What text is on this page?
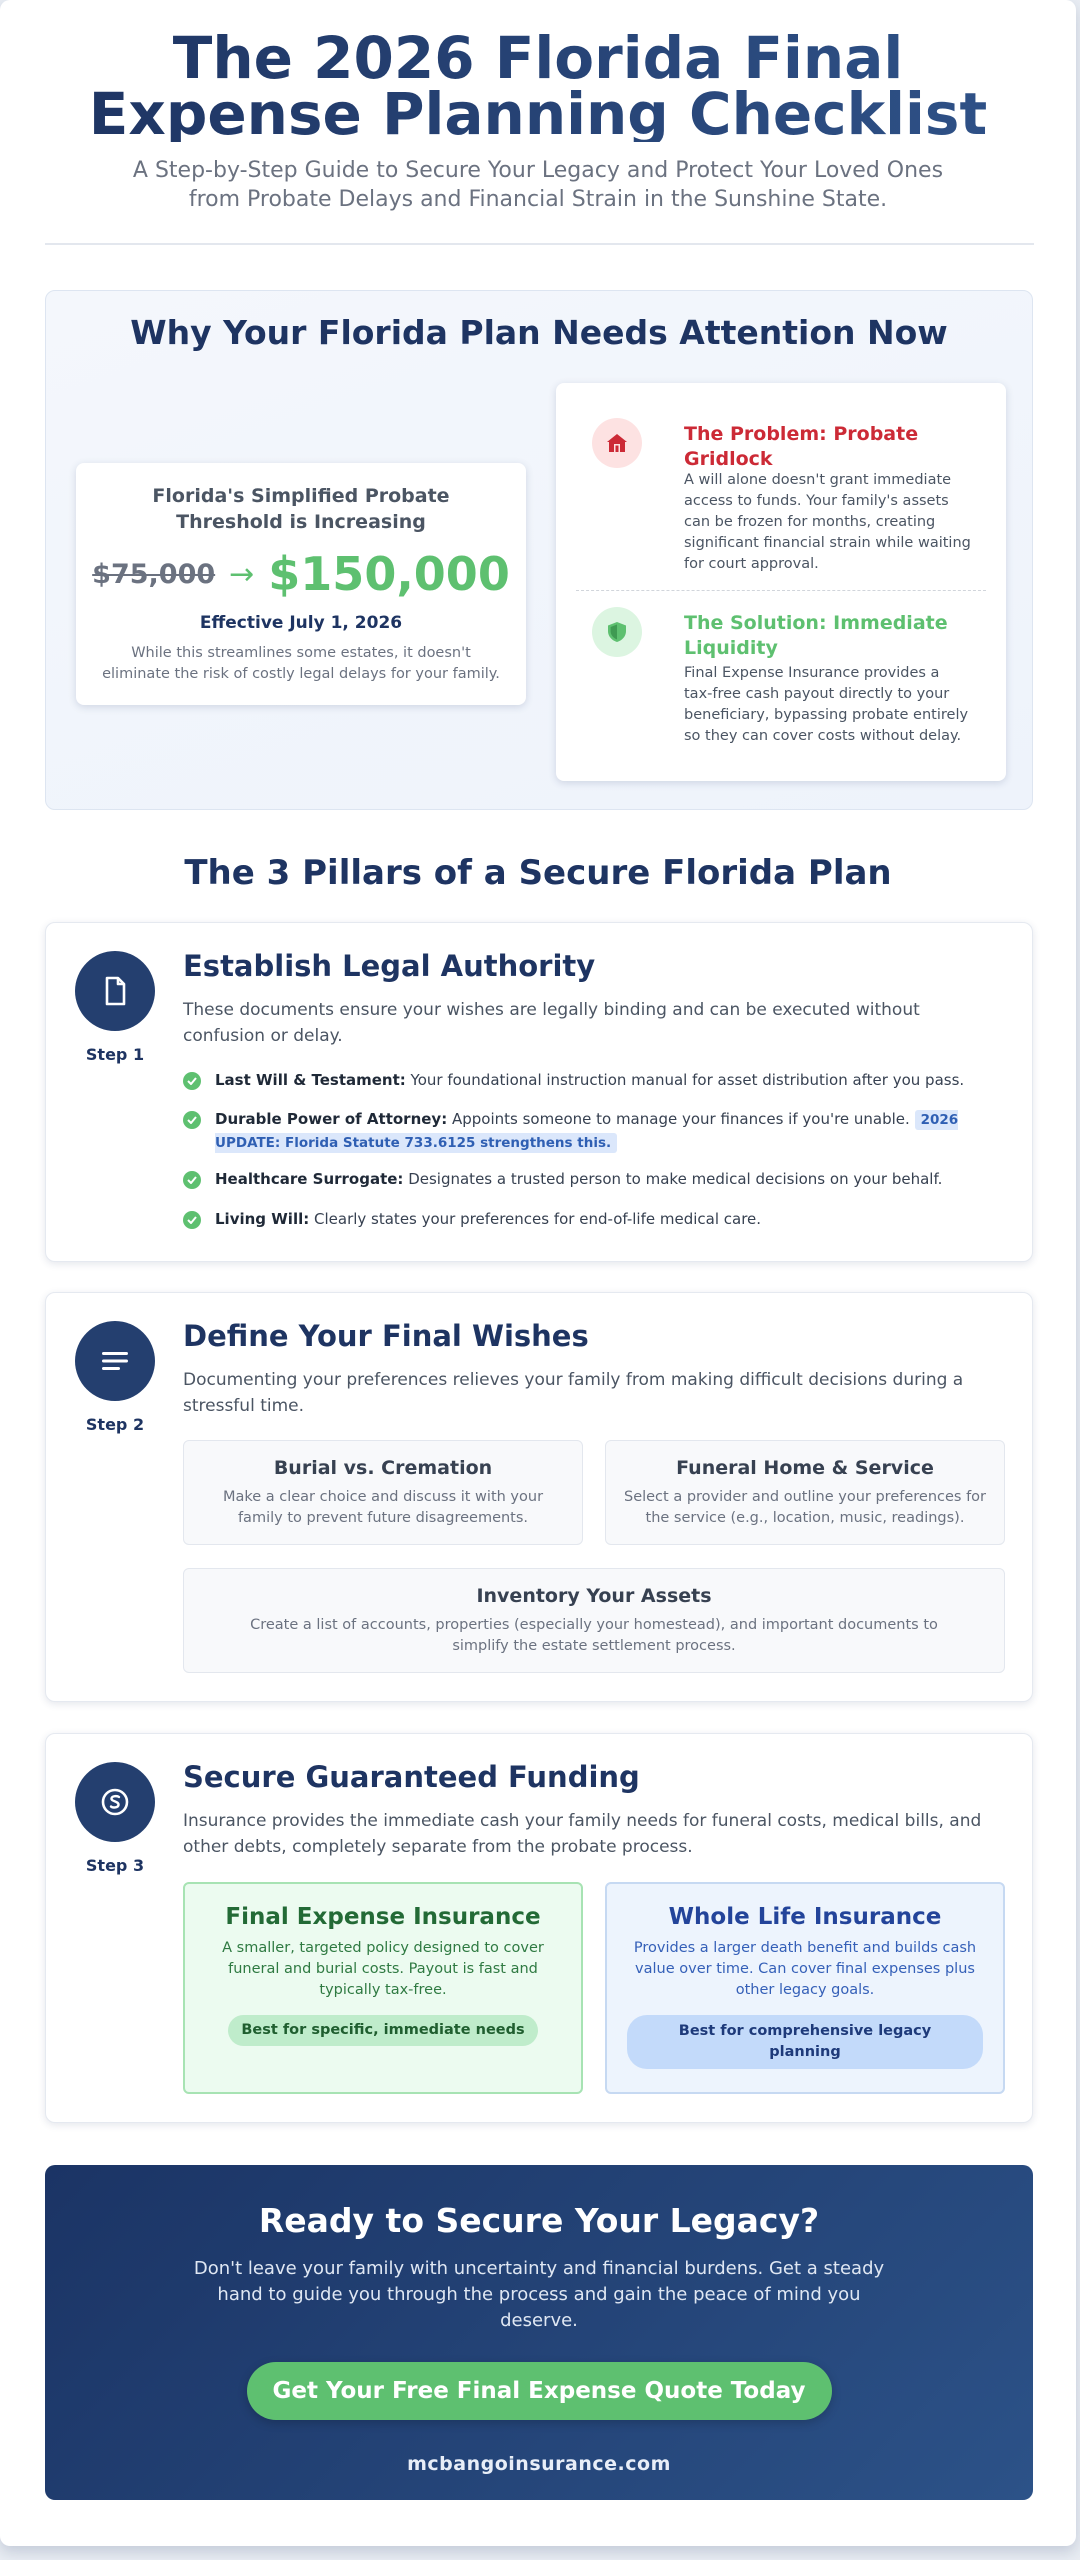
The 2026 Florida Final Expense Planning Checklist
A Step-by-Step Guide to Secure Your Legacy and Protect Your Loved Ones from Probate Delays and Financial Strain in the Sunshine State.
Why Your Florida Plan Needs Attention Now
Florida's Simplified Probate Threshold is Increasing
$75,000 → $150,000
Effective July 1, 2026
While this streamlines some estates, it doesn't eliminate the risk of costly legal delays for your family.
The Problem: Probate Gridlock
A will alone doesn't grant immediate access to funds. Your family's assets can be frozen for months, creating significant financial strain while waiting for court approval.
The Solution: Immediate Liquidity
Final Expense Insurance provides a tax-free cash payout directly to your beneficiary, bypassing probate entirely so they can cover costs without delay.
The 3 Pillars of a Secure Florida Plan
Step 1
Establish Legal Authority
These documents ensure your wishes are legally binding and can be executed without confusion or delay.
Last Will & Testament: Your foundational instruction manual for asset distribution after you pass.
Durable Power of Attorney: Appoints someone to manage your finances if you're unable. 2026 UPDATE: Florida Statute 733.6125 strengthens this.
Healthcare Surrogate: Designates a trusted person to make medical decisions on your behalf.
Living Will: Clearly states your preferences for end-of-life medical care.
Step 2
Define Your Final Wishes
Documenting your preferences relieves your family from making difficult decisions during a stressful time.
Burial vs. Cremation
Make a clear choice and discuss it with your family to prevent future disagreements.
Funeral Home & Service
Select a provider and outline your preferences for the service (e.g., location, music, readings).
Inventory Your Assets
Create a list of accounts, properties (especially your homestead), and important documents to simplify the estate settlement process.
Step 3
Secure Guaranteed Funding
Insurance provides the immediate cash your family needs for funeral costs, medical bills, and other debts, completely separate from the probate process.
Final Expense Insurance
A smaller, targeted policy designed to cover funeral and burial costs. Payout is fast and typically tax-free.
Best for specific, immediate needs
Whole Life Insurance
Provides a larger death benefit and builds cash value over time. Can cover final expenses plus other legacy goals.
Best for comprehensive legacy planning
Ready to Secure Your Legacy?
Don't leave your family with uncertainty and financial burdens. Get a steady hand to guide you through the process and gain the peace of mind you deserve.
Get Your Free Final Expense Quote Today
mcbangoinsurance.com
